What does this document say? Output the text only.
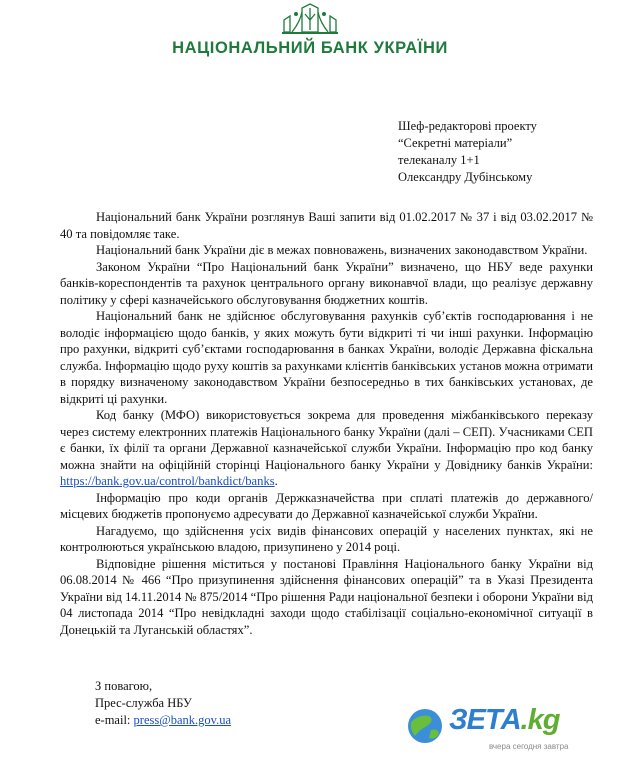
НАЦІОНАЛЬНИЙ БАНК УКРАЇНИ
Шеф-редакторові проекту
“Секретні матеріали”
телеканалу 1+1
Олександру Дубінському

Національний банк України розглянув Ваші запити від 01.02.2017 № 37 і від 03.02.2017 № 40 та повідомляє таке.

Національний банк України діє в межах повноважень, визначених законодавством України.

Законом України “Про Національний банк України” визначено, що НБУ веде рахунки банків-кореспондентів та рахунок центрального органу виконавчої влади, що реалізує державну політику у сфері казначейського обслуговування бюджетних коштів.

Національний банк не здійснює обслуговування рахунків суб’єктів господарювання і не володіє інформацією щодо банків, у яких можуть бути відкриті ті чи інші рахунки. Інформацію про рахунки, відкриті суб’єктами господарювання в банках України, володіє Державна фіскальна служба. Інформацію щодо руху коштів за рахунками клієнтів банківських установ можна отримати в порядку визначеному законодавством України безпосередньо в тих банківських установах, де відкриті ці рахунки.

Код банку (МФО) використовується зокрема для проведення міжбанківського переказу через систему електронних платежів Національного банку України (далі – СЕП). Учасниками СЕП є банки, їх філії та органи Державної казначейської служби України. Інформацію про код банку можна знайти на офіційній сторінці Національного банку України у Довіднику банків України: https://bank.gov.ua/control/bankdict/banks.

Інформацію про коди органів Держказначейства при сплаті платежів до державного/місцевих бюджетів пропонуємо адресувати до Державної казначейської служби України.

Нагадуємо, що здійснення усіх видів фінансових операцій у населених пунктах, які не контролюються українською владою, призупинено у 2014 році.

Відповідне рішення міститься у постанові Правління Національного банку України від 06.08.2014 № 466 “Про призупинення здійснення фінансових операцій” та в Указі Президента України від 14.11.2014 № 875/2014 “Про рішення Ради національної безпеки і оборони України від 04 листопада 2014 “Про невідкладні заходи щодо стабілізації соціально-економічної ситуації в Донецькій та Луганській областях”.

З повагою,
Прес-служба НБУ
e-mail: press@bank.gov.ua	ЗЕТА.kg
вчера сегодня завтра
